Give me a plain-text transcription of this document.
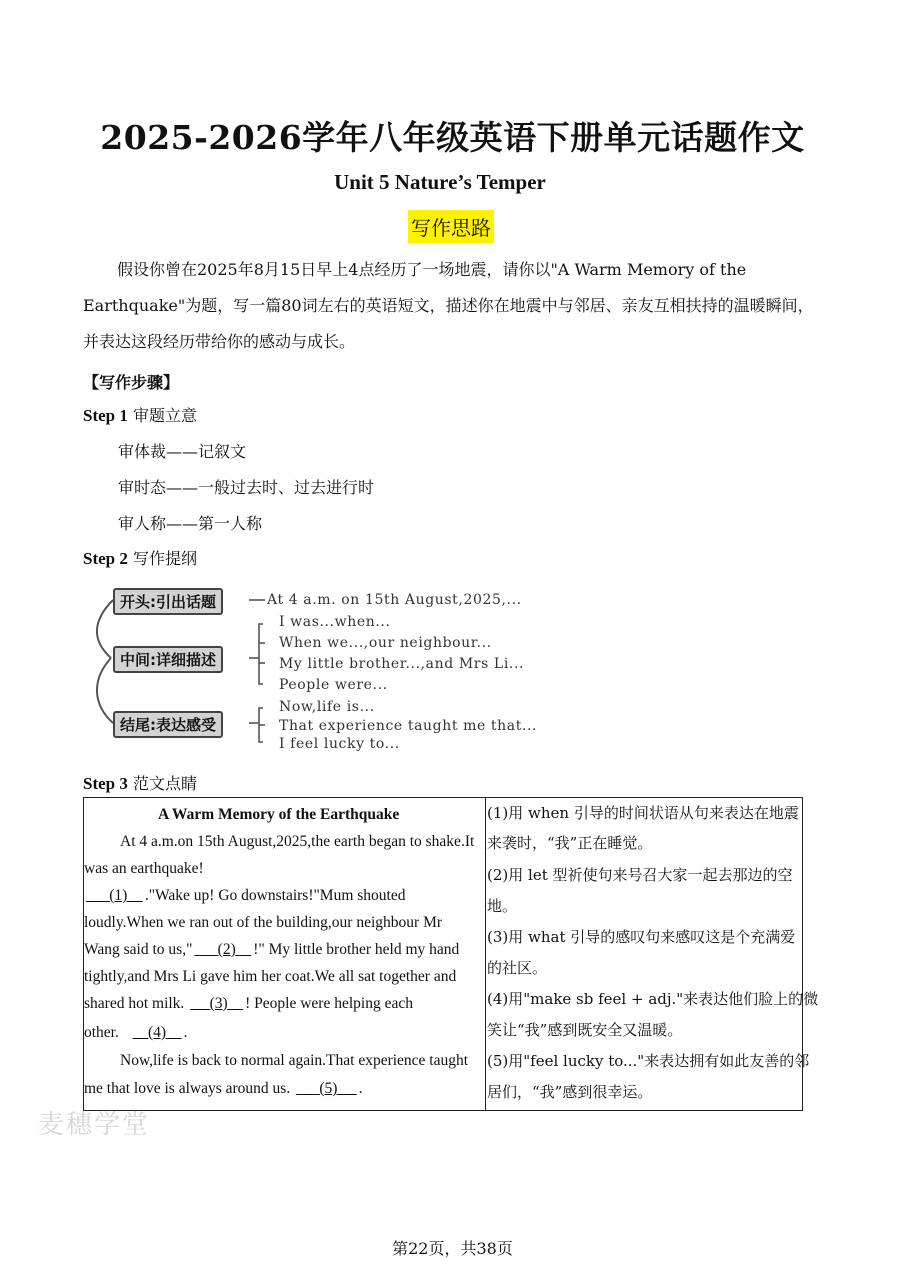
2025-2026学年八年级英语下册单元话题作文
Unit 5 Nature’s Temper
写作思路
假设你曾在2025年8月15日早上4点经历了一场地震，请你以"A Warm Memory of the Earthquake"为题，写一篇80词左右的英语短文，描述你在地震中与邻居、亲友互相扶持的温暖瞬间，并表达这段经历带给你的感动与成长。
【写作步骤】
Step 1 审题立意
审体裁——记叙文
审时态——一般过去时、过去进行时
审人称——第一人称
Step 2 写作提纲
开头:引出话题
中间:详细描述
结尾:表达感受
At 4 a.m. on 15th August,2025,...
I was...when...
When we...,our neighbour...
My little brother...,and Mrs Li...
People were...
Now,life is...
That experience taught me that...
I feel lucky to...
Step 3 范文点睛
A Warm Memory of the Earthquake
At 4 a.m.on 15th August,2025,the earth began to shake.It
was an earthquake!
(1) ."Wake up! Go downstairs!"Mum shouted
loudly.When we ran out of the building,our neighbour Mr
Wang said to us," (2) !" My little brother held my hand
tightly,and Mrs Li gave him her coat.We all sat together and
shared hot milk. (3) ! People were helping each
other. (4) .
Now,life is back to normal again.That experience taught
me that love is always around us. (5) .
(1)用 when 引导的时间状语从句来表达在地震
来袭时，“我”正在睡觉。
(2)用 let 型祈使句来号召大家一起去那边的空
地。
(3)用 what 引导的感叹句来感叹这是个充满爱
的社区。
(4)用"make sb feel + adj."来表达他们脸上的微
笑让“我”感到既安全又温暖。
(5)用"feel lucky to..."来表达拥有如此友善的邻
居们，“我”感到很幸运。
麦穗学堂
第22页，共38页
